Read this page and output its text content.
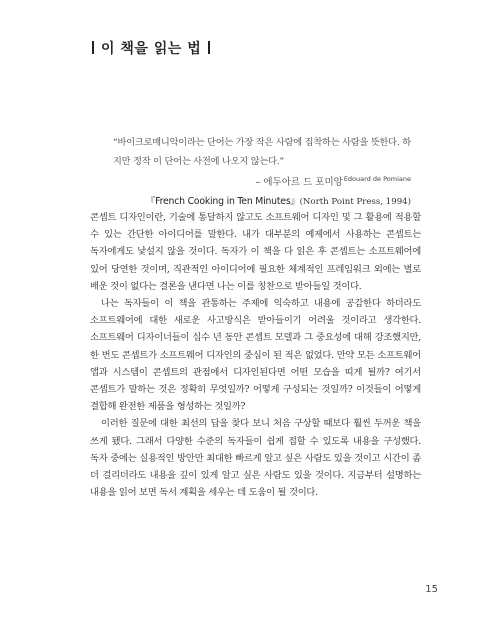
이 책을 읽는 법
“바이크로매니악이라는 단어는 가장 작은 사람에 집착하는 사람을 뜻한다. 하지만 정작 이 단어는 사전에 나오지 않는다.”
– 에두아르 드 포미앙$^{Edouard de Pomiane}$
『French Cooking in Ten Minutes』(North Point Press, 1994)

콘셉트 디자인이란, 기술에 통달하지 않고도 소프트웨어 디자인 및 그 활용에 적용할 수 있는 간단한 아이디어를 말한다. 내가 대부분의 예제에서 사용하는 콘셉트는 독자에게도 낯설지 않을 것이다. 독자가 이 책을 다 읽은 후 콘셉트는 소프트웨어에 있어 당연한 것이며, 직관적인 아이디어에 필요한 체계적인 프레임워크 외에는 별로 배운 것이 없다는 결론을 낸다면 나는 이를 칭찬으로 받아들일 것이다.

나는 독자들이 이 책을 관통하는 주제에 익숙하고 내용에 공감한다 하더라도 소프트웨어에 대한 새로운 사고방식은 받아들이기 어려울 것이라고 생각한다. 소프트웨어 디자이너들이 십수 년 동안 콘셉트 모델과 그 중요성에 대해 강조했지만, 한 번도 콘셉트가 소프트웨어 디자인의 중심이 된 적은 없었다. 만약 모든 소프트웨어 앱과 시스템이 콘셉트의 관점에서 디자인된다면 어떤 모습을 띠게 될까? 여기서 콘셉트가 말하는 것은 정확히 무엇일까? 어떻게 구성되는 것일까? 이것들이 어떻게 결합해 완전한 제품을 형성하는 것일까?

이러한 질문에 대한 최선의 답을 찾다 보니 처음 구상할 때보다 훨씬 두꺼운 책을 쓰게 됐다. 그래서 다양한 수준의 독자들이 쉽게 접할 수 있도록 내용을 구성했다. 독자 중에는 실용적인 방안만 최대한 빠르게 알고 싶은 사람도 있을 것이고 시간이 좀 더 걸리더라도 내용을 깊이 있게 알고 싶은 사람도 있을 것이다. 지금부터 설명하는 내용을 읽어 보면 독서 계획을 세우는 데 도움이 될 것이다.

15
